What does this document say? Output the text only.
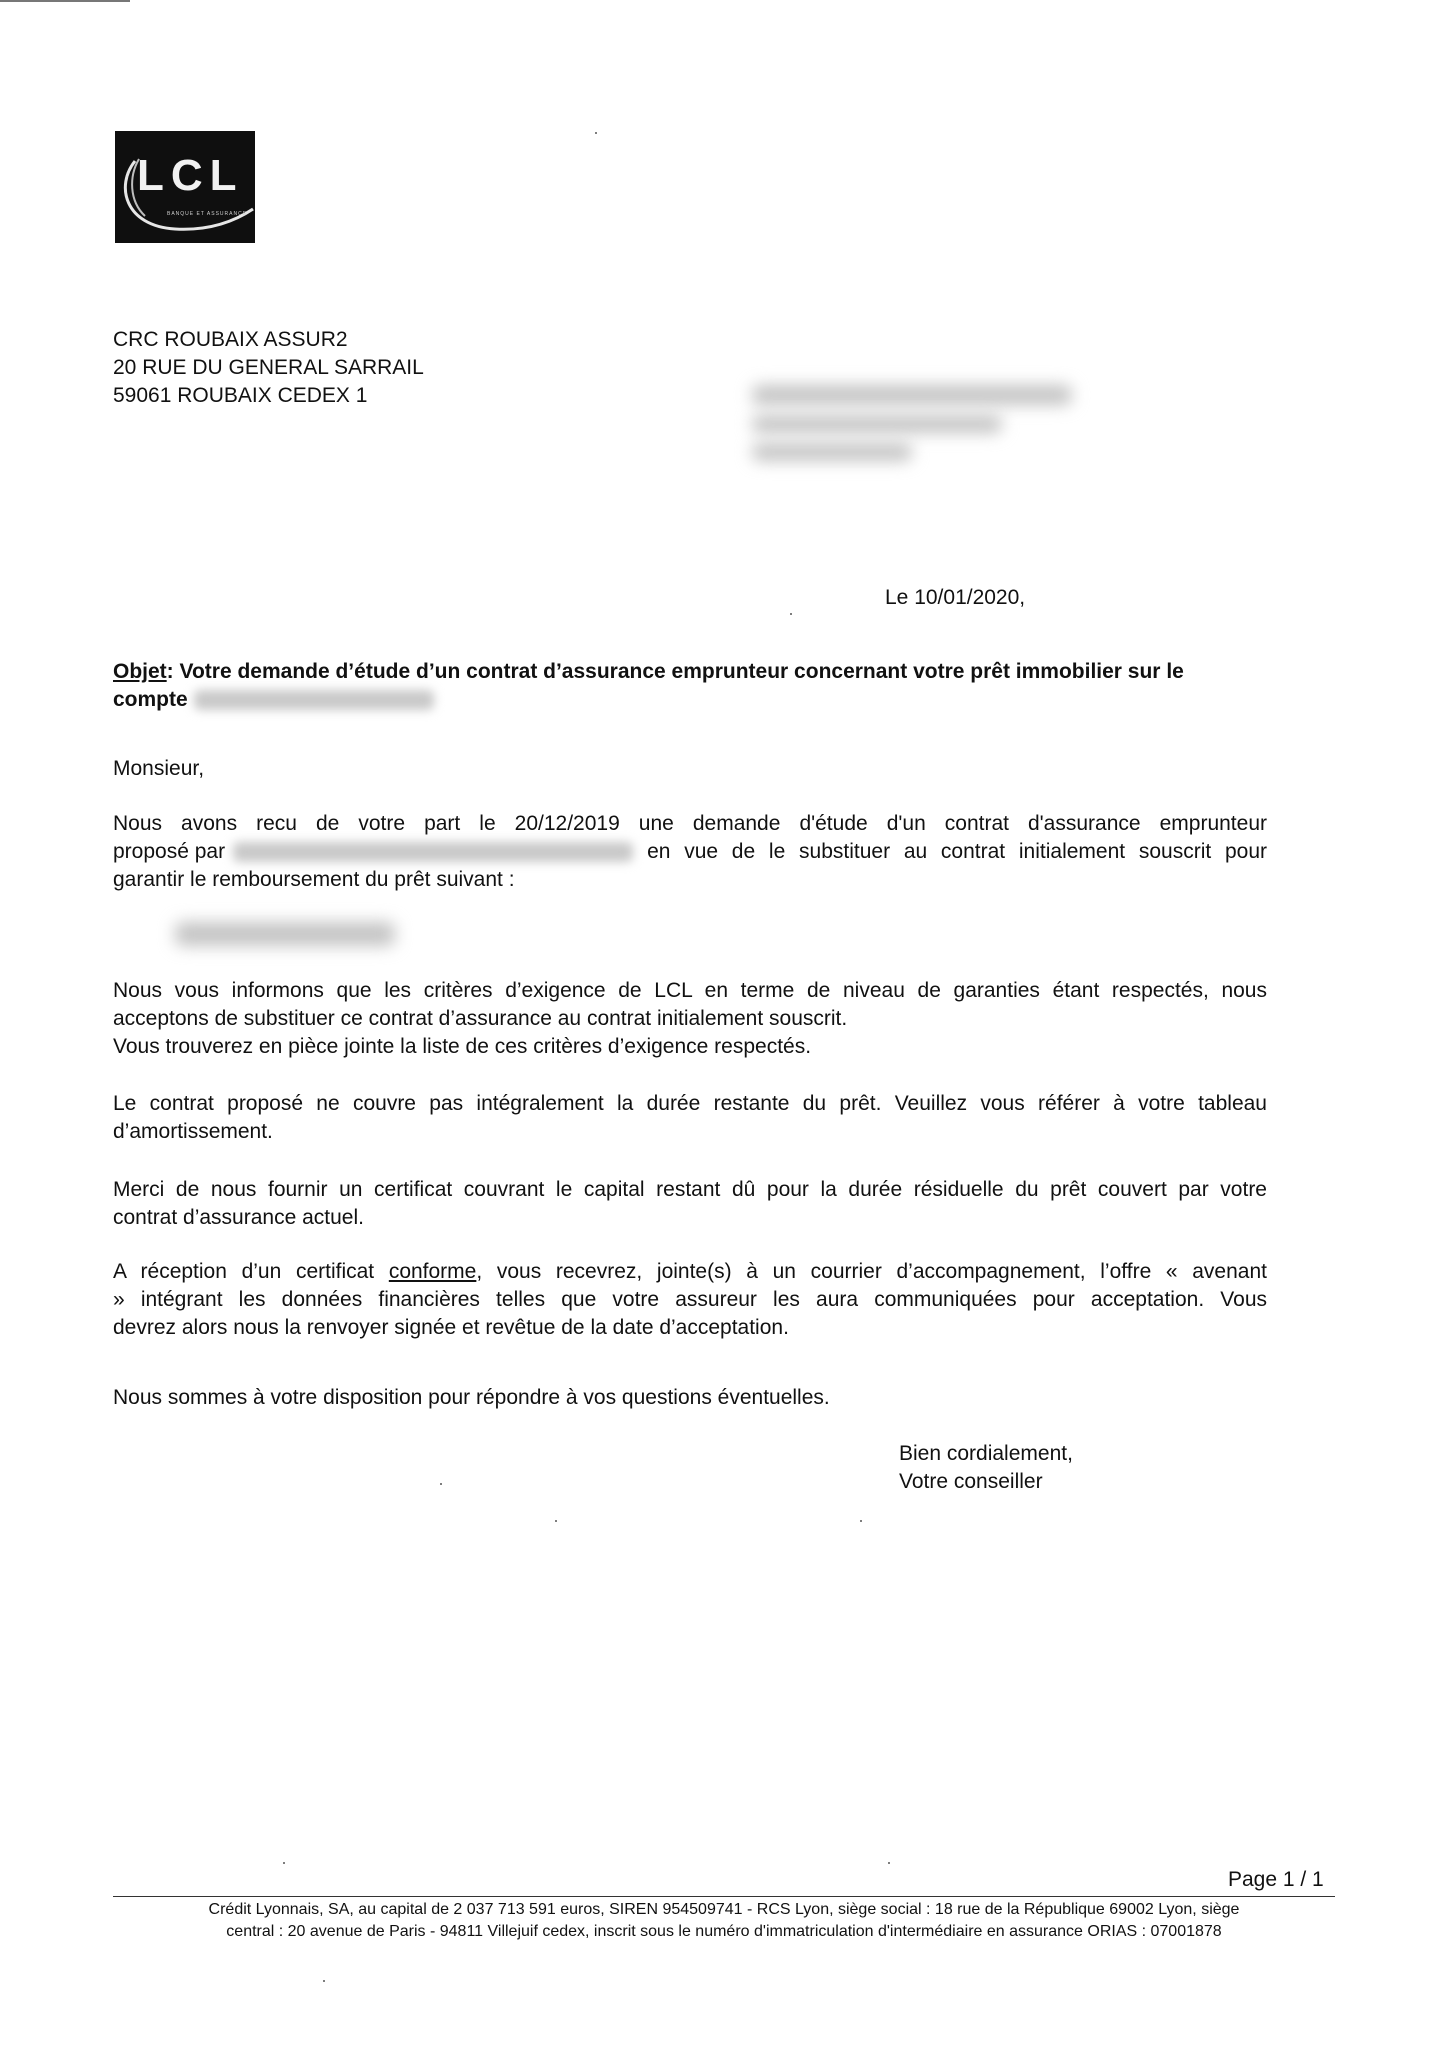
LCL
BANQUE ET ASSURANCE
CRC ROUBAIX ASSUR2
20 RUE DU GENERAL SARRAIL
59061 ROUBAIX CEDEX 1
Le 10/01/2020,
Objet: Votre demande d’étude d’un contrat d’assurance emprunteur concernant votre prêt immobilier sur le
compte
Monsieur,
Nous avons recu de votre part le 20/12/2019 une demande d'étude d'un contrat d'assurance emprunteur
proposé par	en vue de le substituer au contrat initialement souscrit pour
garantir le remboursement du prêt suivant :
Nous vous informons que les critères d’exigence de LCL en terme de niveau de garanties étant respectés, nous
acceptons de substituer ce contrat d’assurance au contrat initialement souscrit.
Vous trouverez en pièce jointe la liste de ces critères d’exigence respectés.
Le contrat proposé ne couvre pas intégralement la durée restante du prêt. Veuillez vous référer à votre tableau
d’amortissement.
Merci de nous fournir un certificat couvrant le capital restant dû pour la durée résiduelle du prêt couvert par votre
contrat d’assurance actuel.
A réception d’un certificat conforme, vous recevrez, jointe(s) à un courrier d’accompagnement, l’offre « avenant
» intégrant les données financières telles que votre assureur les aura communiquées pour acceptation. Vous
devrez alors nous la renvoyer signée et revêtue de la date d’acceptation.
Nous sommes à votre disposition pour répondre à vos questions éventuelles.
Bien cordialement,
Votre conseiller
Page 1 / 1
Crédit Lyonnais, SA, au capital de 2 037 713 591 euros, SIREN 954509741 - RCS Lyon, siège social : 18 rue de la République 69002 Lyon, siège
central : 20 avenue de Paris - 94811 Villejuif cedex, inscrit sous le numéro d'immatriculation d'intermédiaire en assurance ORIAS : 07001878
